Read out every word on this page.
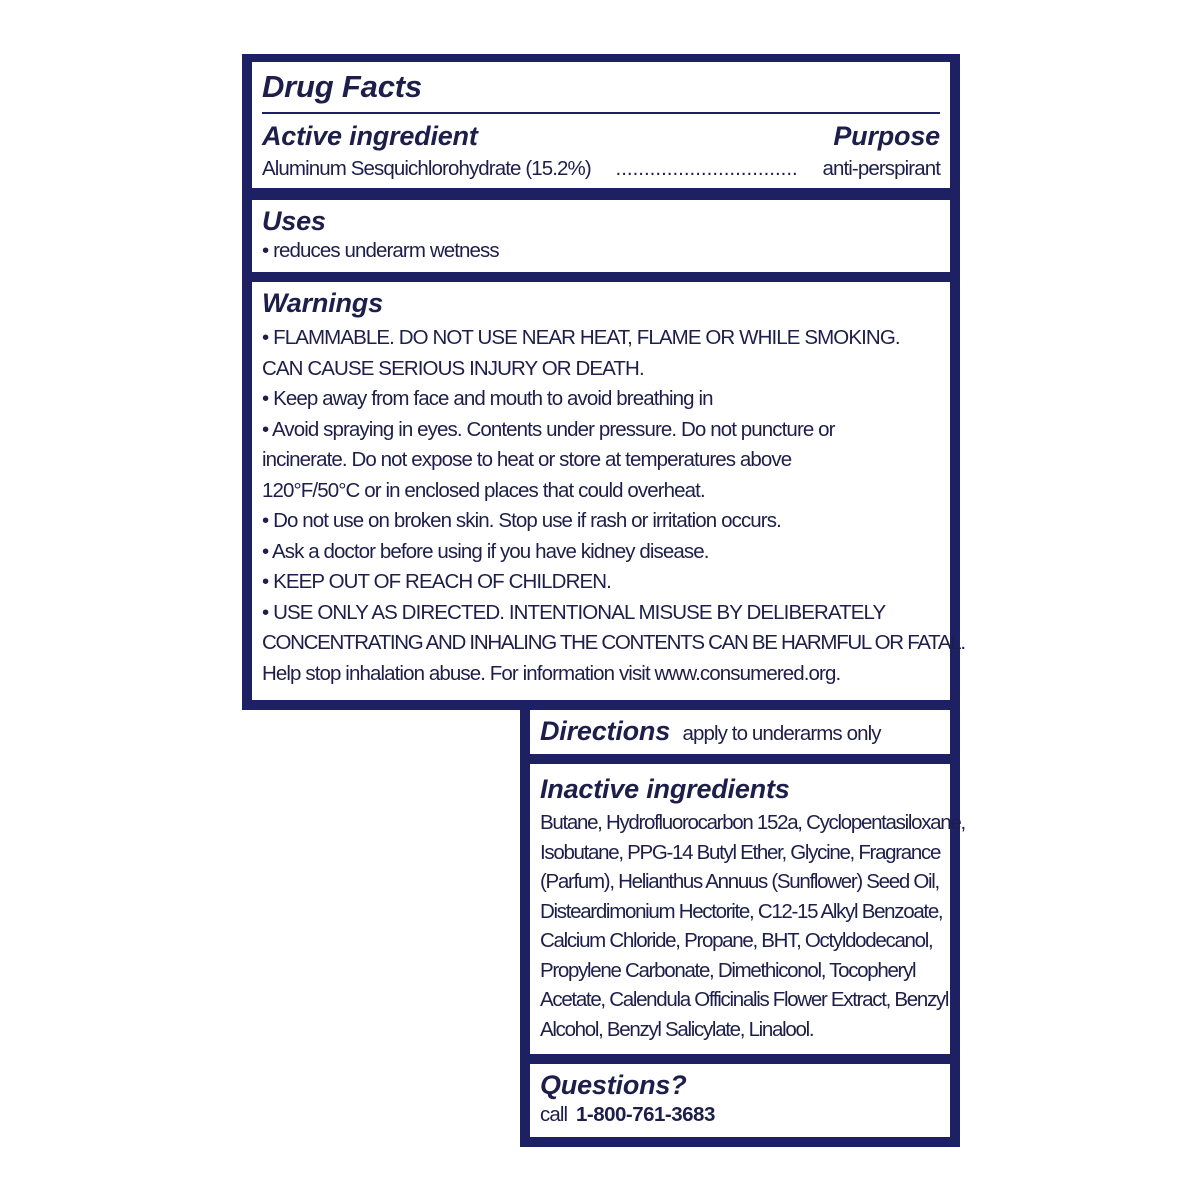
Drug Facts
Active ingredient	Purpose
Aluminum Sesquichlorohydrate (15.2%)	................................	anti-perspirant
Uses
• reduces underarm wetness
Warnings
• FLAMMABLE. DO NOT USE NEAR HEAT, FLAME OR WHILE SMOKING.
CAN CAUSE SERIOUS INJURY OR DEATH.
• Keep away from face and mouth to avoid breathing in
• Avoid spraying in eyes. Contents under pressure. Do not puncture or
incinerate. Do not expose to heat or store at temperatures above
120°F/50°C or in enclosed places that could overheat.
• Do not use on broken skin. Stop use if rash or irritation occurs.
• Ask a doctor before using if you have kidney disease.
• KEEP OUT OF REACH OF CHILDREN.
• USE ONLY AS DIRECTED. INTENTIONAL MISUSE BY DELIBERATELY
CONCENTRATING AND INHALING THE CONTENTS CAN BE HARMFUL OR FATAL.
Help stop inhalation abuse. For information visit www.consumered.org.
Directions apply to underarms only
Inactive ingredients
Butane, Hydrofluorocarbon 152a, Cyclopentasiloxane,
Isobutane, PPG-14 Butyl Ether, Glycine, Fragrance
(Parfum), Helianthus Annuus (Sunflower) Seed Oil,
Disteardimonium Hectorite, C12-15 Alkyl Benzoate,
Calcium Chloride, Propane, BHT, Octyldodecanol,
Propylene Carbonate, Dimethiconol, Tocopheryl
Acetate, Calendula Officinalis Flower Extract, Benzyl
Alcohol, Benzyl Salicylate, Linalool.
Questions?
call 1-800-761-3683
